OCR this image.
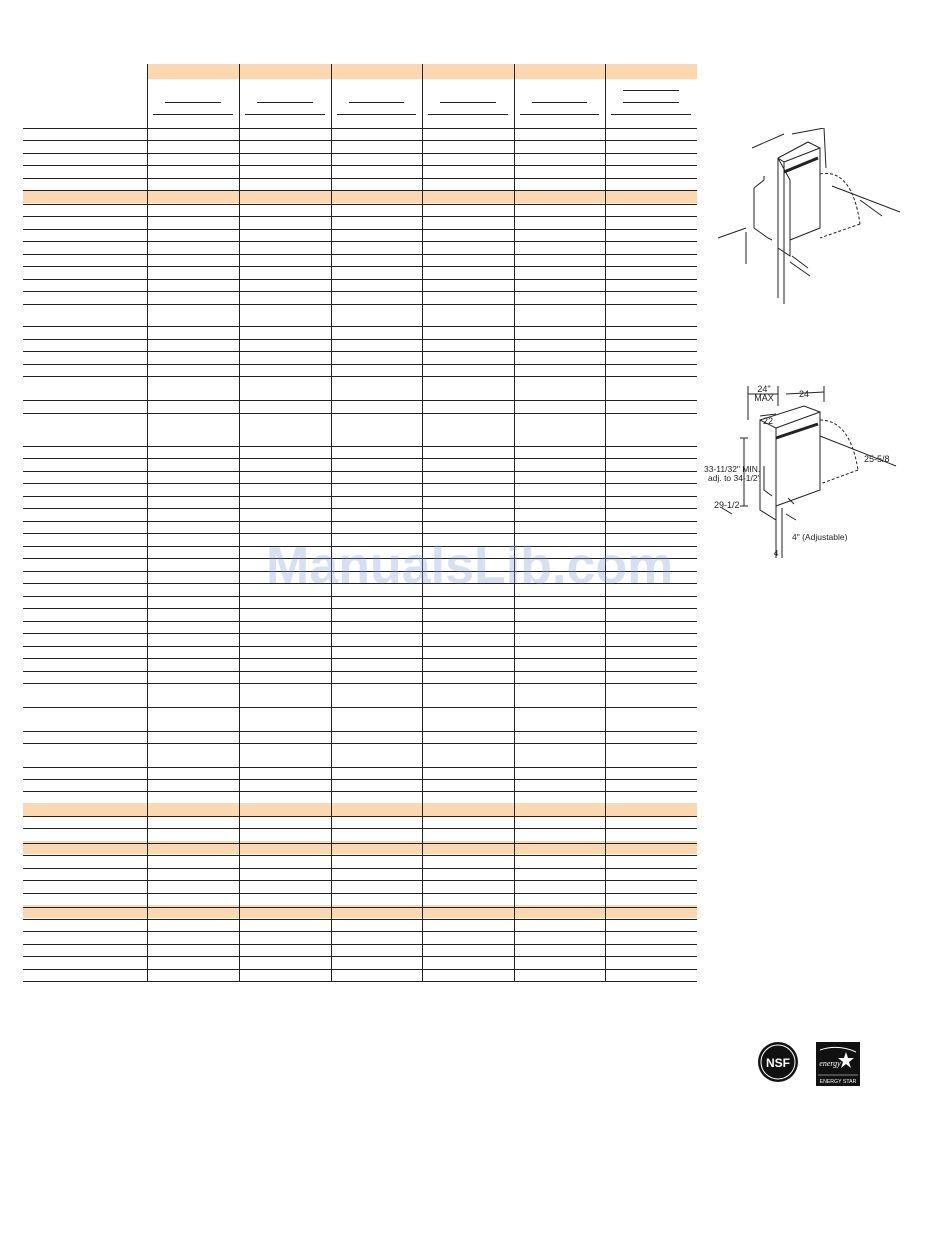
ManualsLib.com
24"
MAX	24
22
25-5/8
33-11/32" MIN.
adj. to 34-1/2"
29-1/2
4" (Adjustable)
4
NSF	energy
ENERGY STAR
